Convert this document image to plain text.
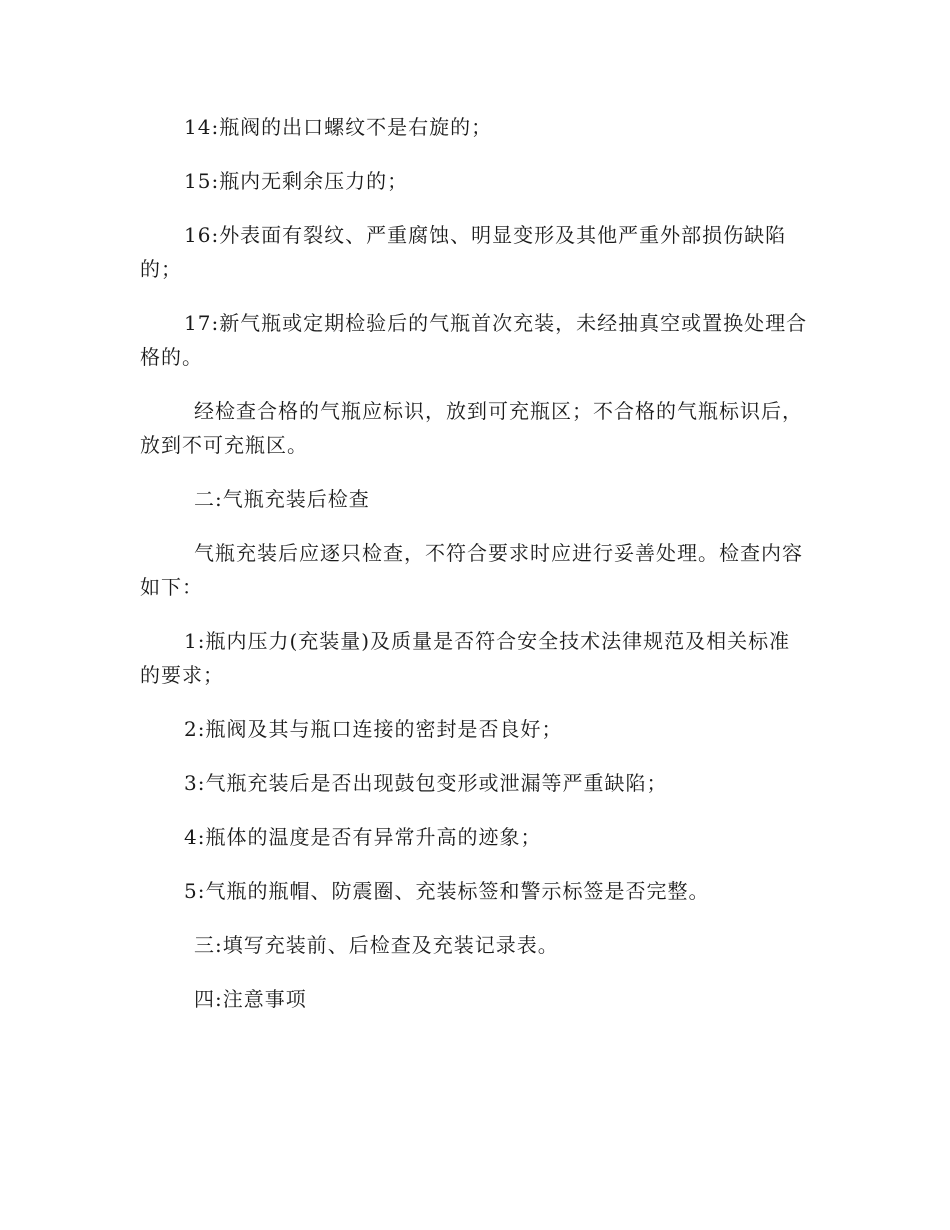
14:瓶阀的出口螺纹不是右旋的；

15:瓶内无剩余压力的；

16:外表面有裂纹、严重腐蚀、明显变形及其他严重外部损伤缺陷的；

17:新气瓶或定期检验后的气瓶首次充装，未经抽真空或置换处理合格的。

经检查合格的气瓶应标识，放到可充瓶区；不合格的气瓶标识后，放到不可充瓶区。

二:气瓶充装后检查

气瓶充装后应逐只检查，不符合要求时应进行妥善处理。检查内容如下：

1:瓶内压力(充装量)及质量是否符合安全技术法律规范及相关标准的要求；

2:瓶阀及其与瓶口连接的密封是否良好；

3:气瓶充装后是否出现鼓包变形或泄漏等严重缺陷；

4:瓶体的温度是否有异常升高的迹象；

5:气瓶的瓶帽、防震圈、充装标签和警示标签是否完整。

三:填写充装前、后检查及充装记录表。

四:注意事项
